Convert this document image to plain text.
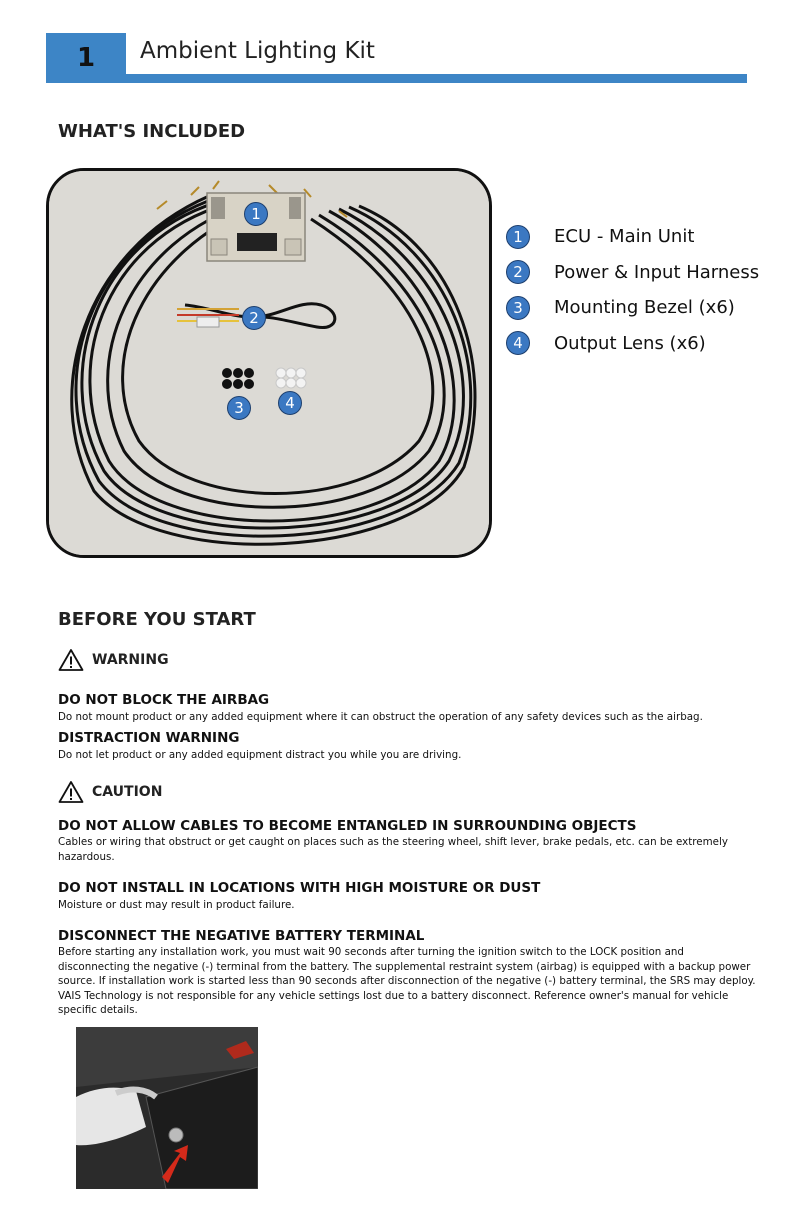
1	Ambient Lighting Kit
WHAT'S INCLUDED
1
2
3	4
1	ECU - Main Unit
2	Power & Input Harness
3	Mounting Bezel (x6)
4	Output Lens (x6)
BEFORE YOU START
WARNING
DO NOT BLOCK THE AIRBAG
Do not mount product or any added equipment where it can obstruct the operation of any safety devices such as the airbag.
DISTRACTION WARNING
Do not let product or any added equipment distract you while you are driving.
CAUTION
DO NOT ALLOW CABLES TO BECOME ENTANGLED IN SURROUNDING OBJECTS
Cables or wiring that obstruct or get caught on places such as the steering wheel, shift lever, brake pedals, etc. can be extremely hazardous.
DO NOT INSTALL IN LOCATIONS WITH HIGH MOISTURE OR DUST
Moisture or dust may result in product failure.
DISCONNECT THE NEGATIVE BATTERY TERMINAL
Before starting any installation work, you must wait 90 seconds after turning the ignition switch to the LOCK position and disconnecting the negative (-) terminal from the battery. The supplemental restraint system (airbag) is equipped with a backup power source. If installation work is started less than 90 seconds after disconnection of the negative (-) battery terminal, the SRS may deploy. VAIS Technology is not responsible for any vehicle settings lost due to a battery disconnect. Reference owner's manual for vehicle specific details.
